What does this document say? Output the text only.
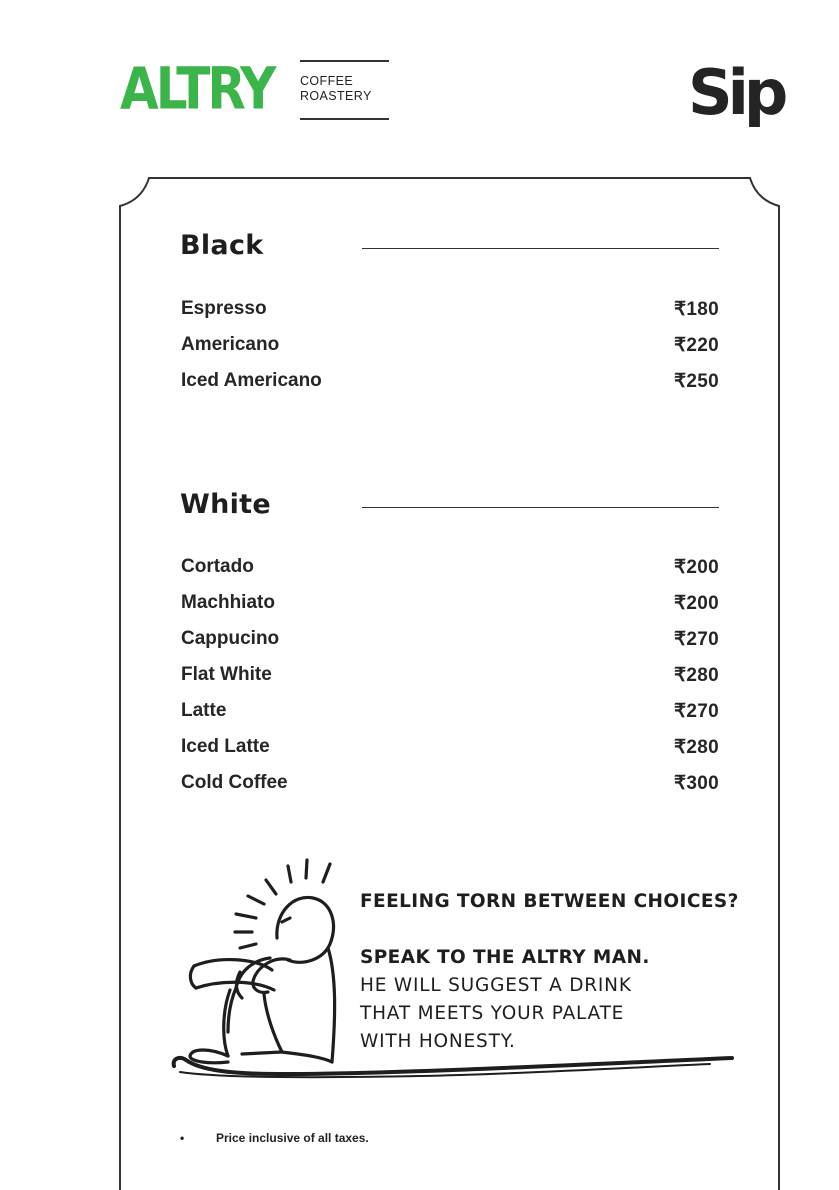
ALTRY COFFEE
ROASTERY	Sip
Black
Espresso	₹180
Americano	₹220
Iced Americano	₹250
White
Cortado	₹200
Machhiato	₹200
Cappucino	₹270
Flat White	₹280
Latte	₹270
Iced Latte	₹280
Cold Coffee	₹300
FEELING TORN BETWEEN CHOICES?
SPEAK TO THE ALTRY MAN.
HE WILL SUGGEST A DRINK
THAT MEETS YOUR PALATE
WITH HONESTY.
•	Price inclusive of all taxes.
